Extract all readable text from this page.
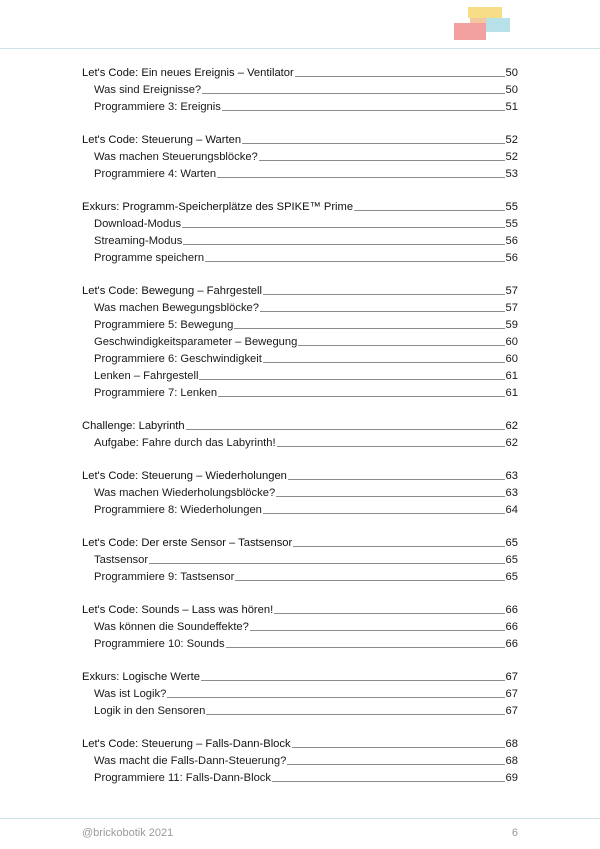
Let's Code: Ein neues Ereignis – Ventilator	50
Was sind Ereignisse?	50
Programmiere 3: Ereignis	51
Let's Code: Steuerung – Warten	52
Was machen Steuerungsblöcke?	52
Programmiere 4: Warten	53
Exkurs: Programm-Speicherplätze des SPIKE™ Prime	55
Download-Modus	55
Streaming-Modus	56
Programme speichern	56
Let's Code: Bewegung – Fahrgestell	57
Was machen Bewegungsblöcke?	57
Programmiere 5: Bewegung	59
Geschwindigkeitsparameter – Bewegung	60
Programmiere 6: Geschwindigkeit	60
Lenken – Fahrgestell	61
Programmiere 7: Lenken	61
Challenge: Labyrinth	62
Aufgabe: Fahre durch das Labyrinth!	62
Let's Code: Steuerung – Wiederholungen	63
Was machen Wiederholungsblöcke?	63
Programmiere 8: Wiederholungen	64
Let's Code: Der erste Sensor – Tastsensor	65
Tastsensor	65
Programmiere 9: Tastsensor	65
Let's Code: Sounds – Lass was hören!	66
Was können die Soundeffekte?	66
Programmiere 10: Sounds	66
Exkurs: Logische Werte	67
Was ist Logik?	67
Logik in den Sensoren	67
Let's Code: Steuerung – Falls-Dann-Block	68
Was macht die Falls-Dann-Steuerung?	68
Programmiere 11: Falls-Dann-Block	69
@brickobotik 2021	6
